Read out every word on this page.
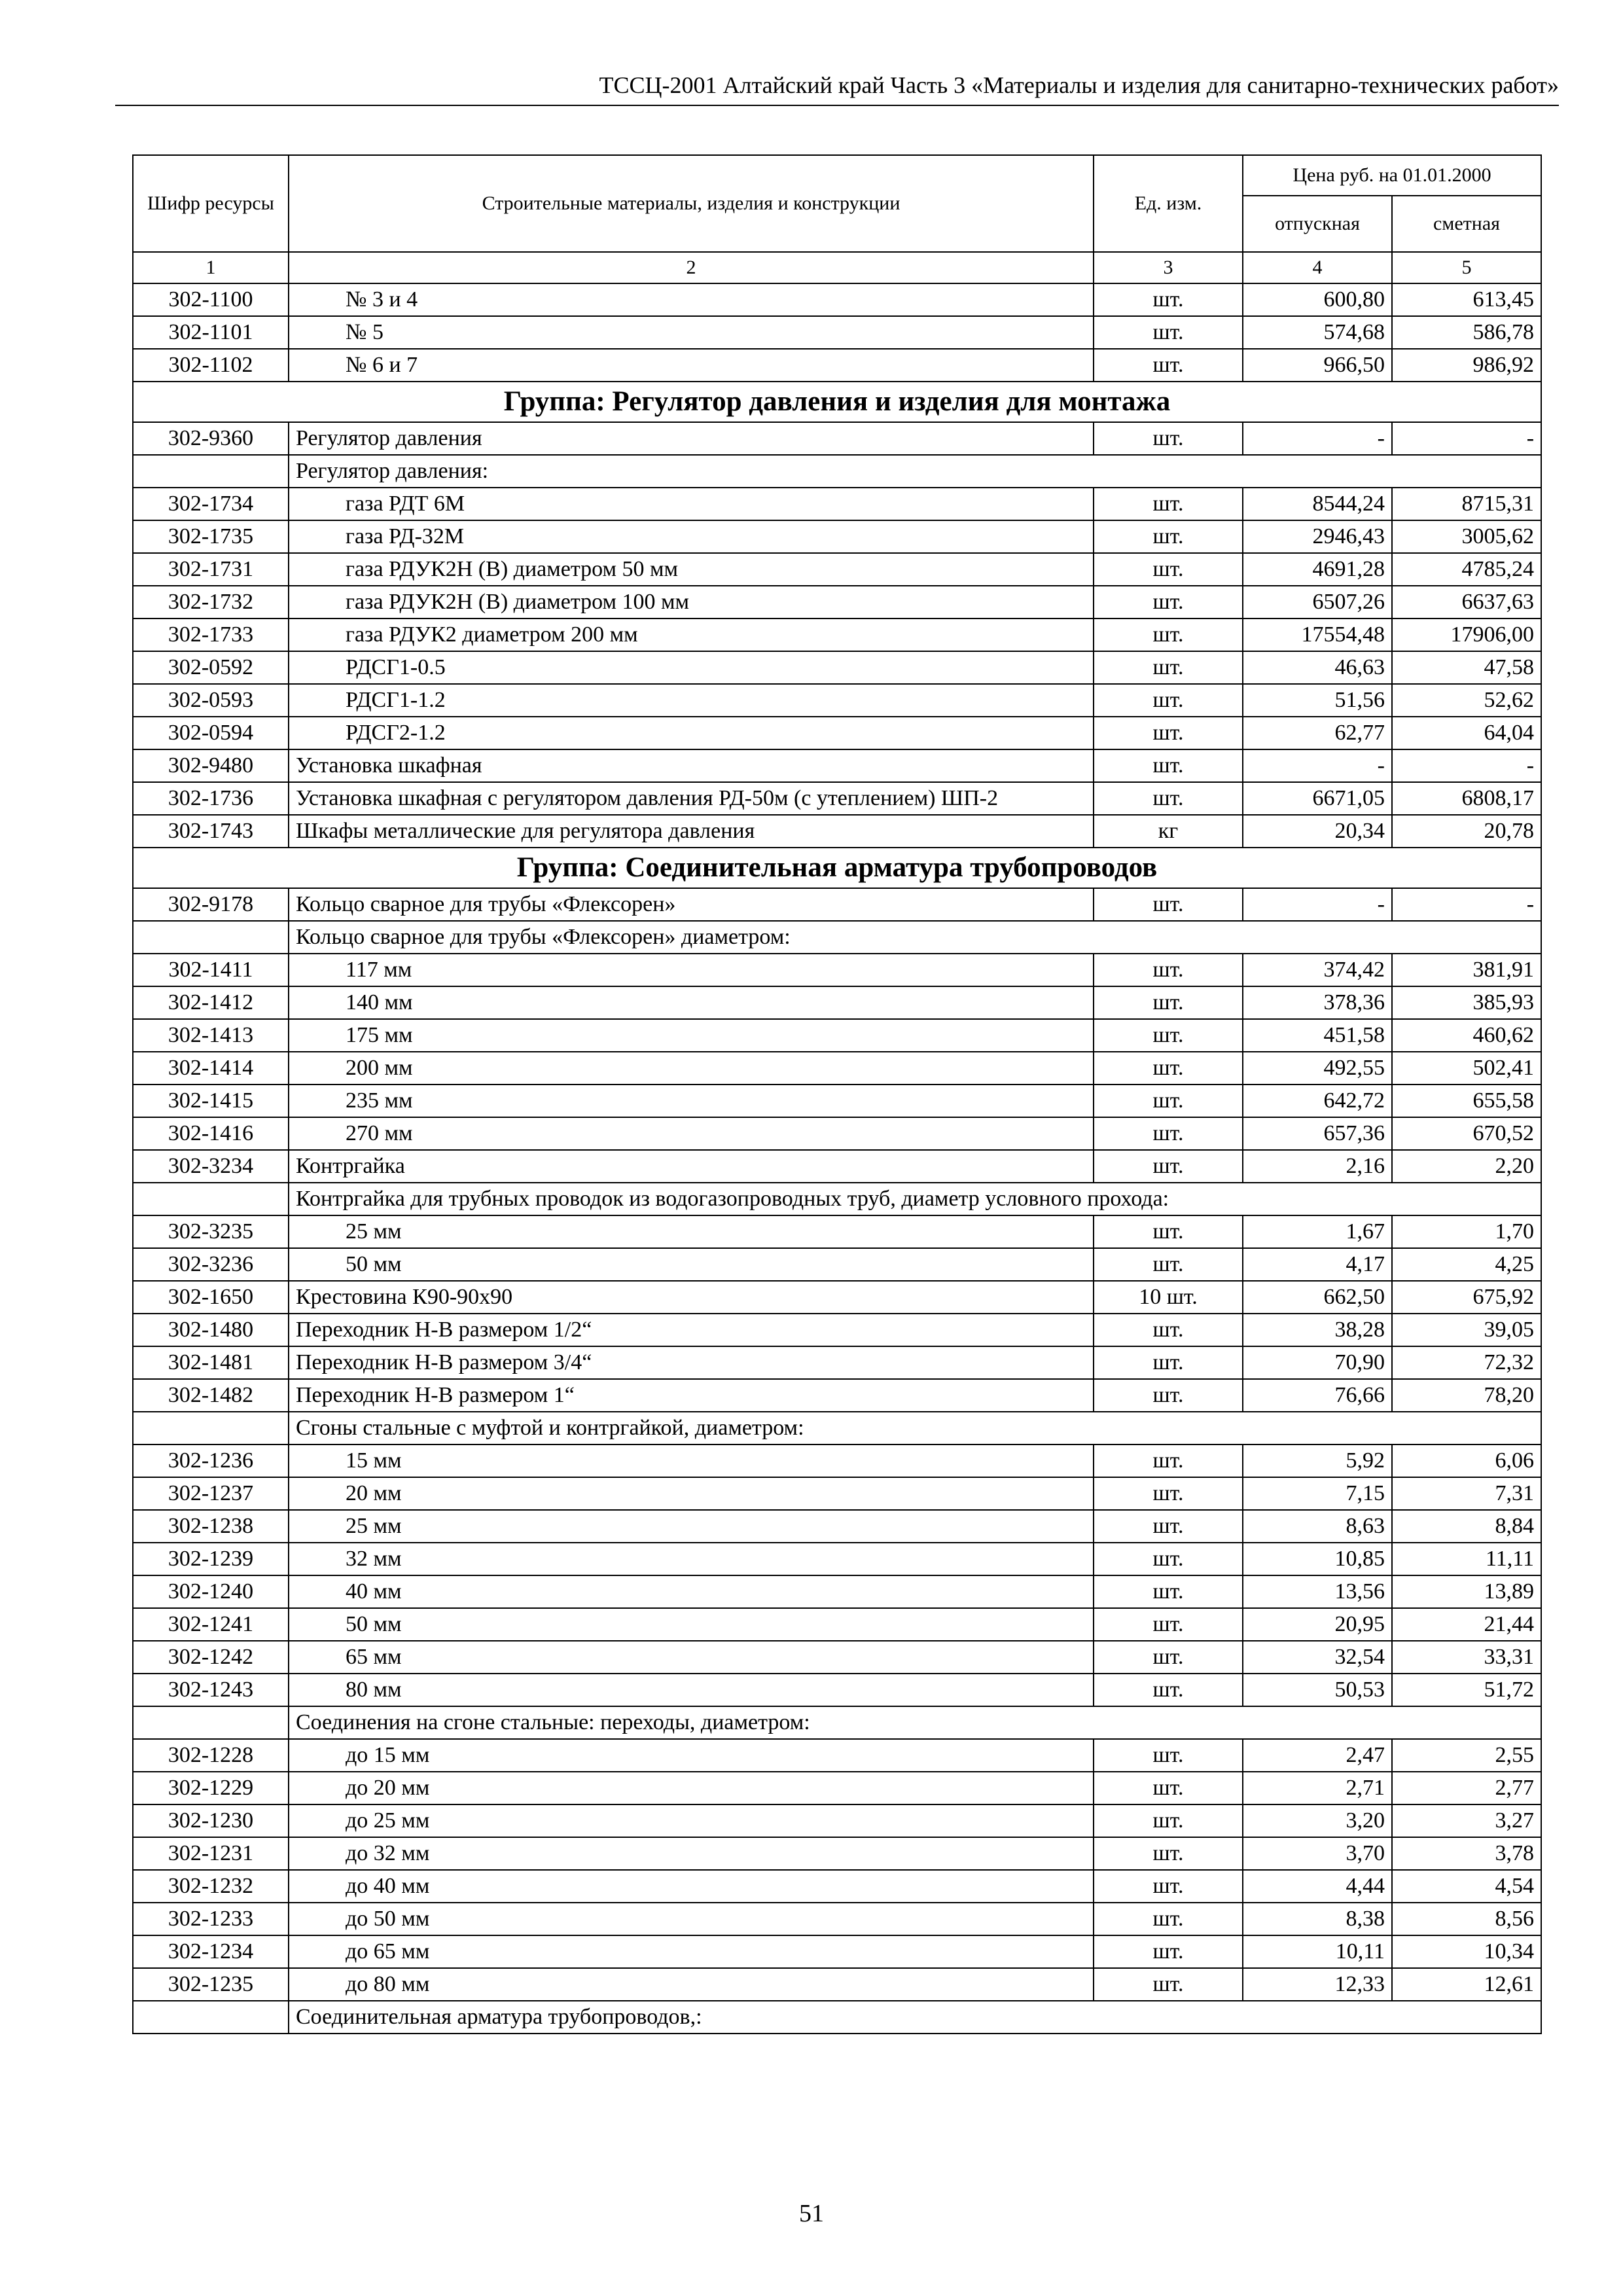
ТССЦ-2001 Алтайский край Часть 3 «Материалы и изделия для санитарно-технических работ»
Шифр ресурсы	Строительные материалы, изделия и конструкции	Ед. изм.	Цена руб. на 01.01.2000	
			отпускная	сметная
1	2	3	4	5
302-1100	№ 3 и 4	шт.	600,80	613,45
302-1101	№ 5	шт.	574,68	586,78
302-1102	№ 6 и 7	шт.	966,50	986,92
Группа: Регулятор давления и изделия для монтажа				
302-9360	Регулятор давления	шт.	-	-
	Регулятор давления:			
302-1734	газа РДТ 6М	шт.	8544,24	8715,31
302-1735	газа РД-32М	шт.	2946,43	3005,62
302-1731	газа РДУК2Н (В) диаметром 50 мм	шт.	4691,28	4785,24
302-1732	газа РДУК2Н (В) диаметром 100 мм	шт.	6507,26	6637,63
302-1733	газа РДУК2 диаметром 200 мм	шт.	17554,48	17906,00
302-0592	РДСГ1-0.5	шт.	46,63	47,58
302-0593	РДСГ1-1.2	шт.	51,56	52,62
302-0594	РДСГ2-1.2	шт.	62,77	64,04
302-9480	Установка шкафная	шт.	-	-
302-1736	Установка шкафная с регулятором давления РД-50м (с утеплением) ШП-2	шт.	6671,05	6808,17
302-1743	Шкафы металлические для регулятора давления	кг	20,34	20,78
Группа: Соединительная арматура трубопроводов				
302-9178	Кольцо сварное для трубы «Флексорен»	шт.	-	-
	Кольцо сварное для трубы «Флексорен» диаметром:			
302-1411	117 мм	шт.	374,42	381,91
302-1412	140 мм	шт.	378,36	385,93
302-1413	175 мм	шт.	451,58	460,62
302-1414	200 мм	шт.	492,55	502,41
302-1415	235 мм	шт.	642,72	655,58
302-1416	270 мм	шт.	657,36	670,52
302-3234	Контргайка	шт.	2,16	2,20
	Контргайка для трубных проводок из водогазопроводных труб, диаметр условного прохода:			
302-3235	25 мм	шт.	1,67	1,70
302-3236	50 мм	шт.	4,17	4,25
302-1650	Крестовина К90-90х90	10 шт.	662,50	675,92
302-1480	Переходник Н-В размером 1/2“	шт.	38,28	39,05
302-1481	Переходник Н-В размером 3/4“	шт.	70,90	72,32
302-1482	Переходник Н-В размером 1“	шт.	76,66	78,20
	Сгоны стальные с муфтой и контргайкой, диаметром:			
302-1236	15 мм	шт.	5,92	6,06
302-1237	20 мм	шт.	7,15	7,31
302-1238	25 мм	шт.	8,63	8,84
302-1239	32 мм	шт.	10,85	11,11
302-1240	40 мм	шт.	13,56	13,89
302-1241	50 мм	шт.	20,95	21,44
302-1242	65 мм	шт.	32,54	33,31
302-1243	80 мм	шт.	50,53	51,72
	Соединения на сгоне стальные: переходы, диаметром:			
302-1228	до 15 мм	шт.	2,47	2,55
302-1229	до 20 мм	шт.	2,71	2,77
302-1230	до 25 мм	шт.	3,20	3,27
302-1231	до 32 мм	шт.	3,70	3,78
302-1232	до 40 мм	шт.	4,44	4,54
302-1233	до 50 мм	шт.	8,38	8,56
302-1234	до 65 мм	шт.	10,11	10,34
302-1235	до 80 мм	шт.	12,33	12,61
	Соединительная арматура трубопроводов,:			
51
